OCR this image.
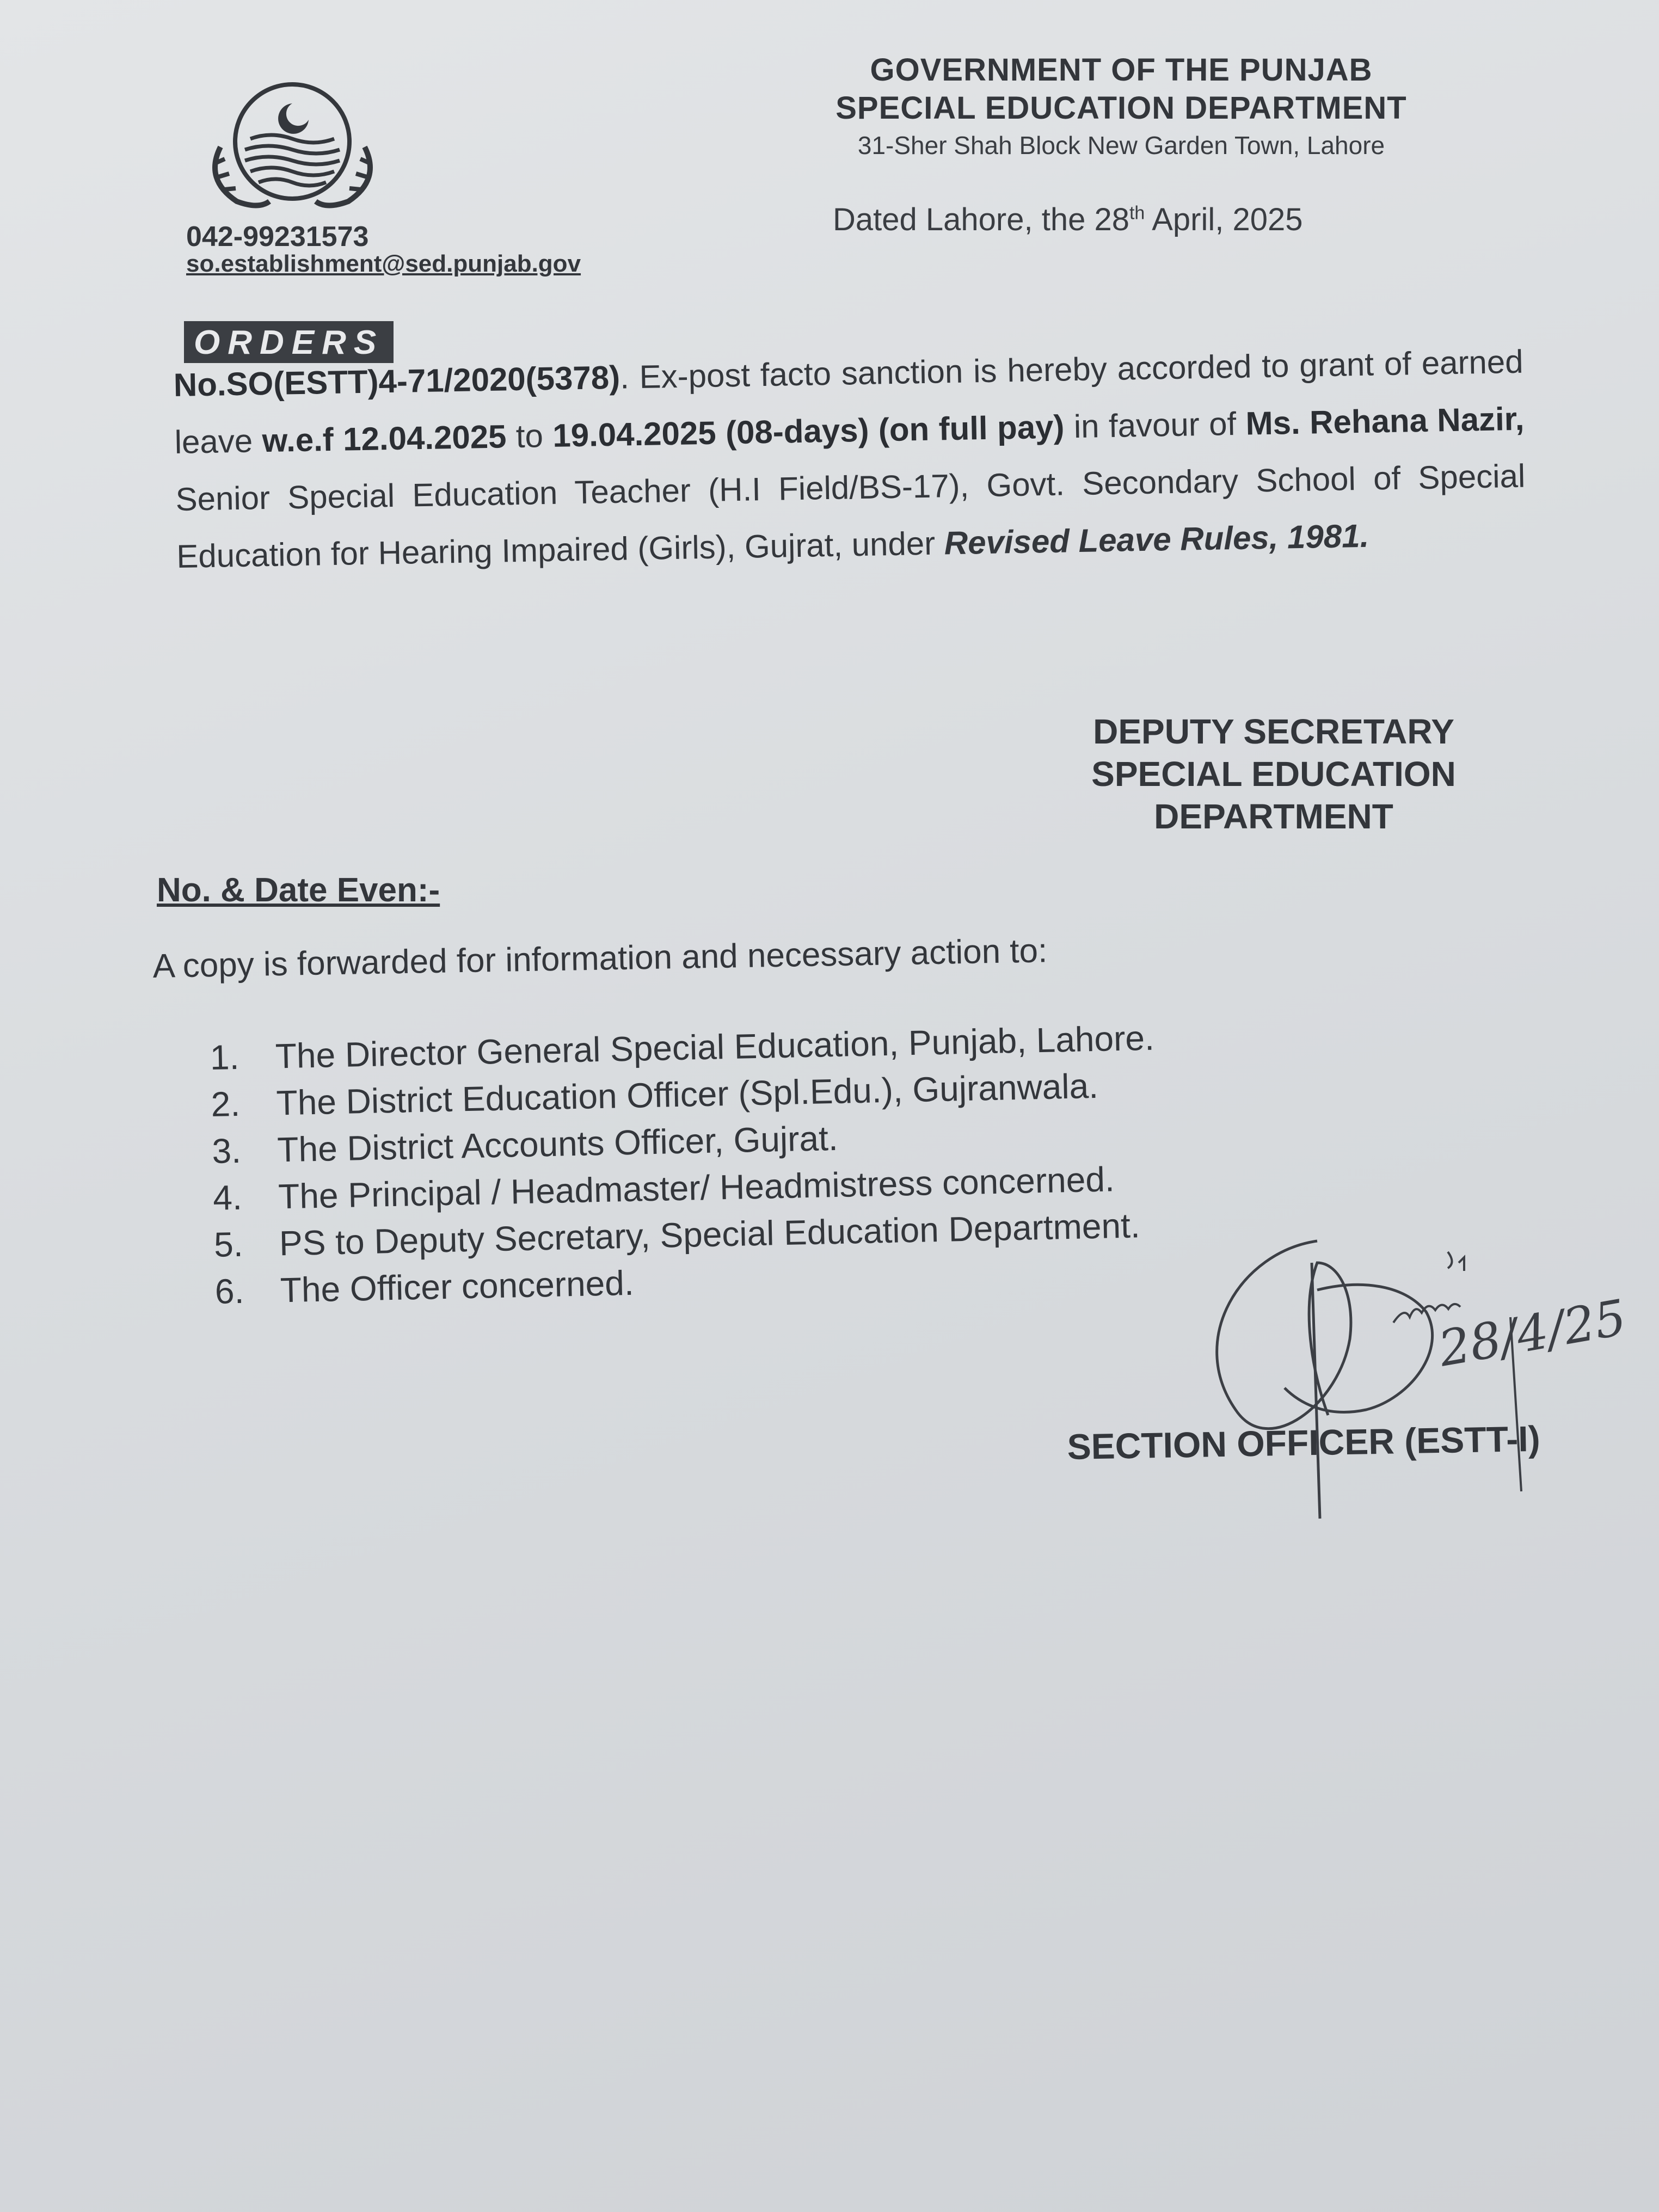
GOVERNMENT OF THE PUNJAB
SPECIAL EDUCATION DEPARTMENT
31-Sher Shah Block New Garden Town, Lahore
Dated Lahore, the 28th April, 2025
042-99231573
so.establishment@sed.punjab.gov
ORDERS
No.SO(ESTT)4-71/2020(5378). Ex-post facto sanction is hereby accorded to grant of earned leave w.e.f 12.04.2025 to 19.04.2025 (08-days) (on full pay) in favour of Ms. Rehana Nazir, Senior Special Education Teacher (H.I Field/BS-17), Govt. Secondary School of Special Education for Hearing Impaired (Girls), Gujrat, under Revised Leave Rules, 1981.
DEPUTY SECRETARY
SPECIAL EDUCATION
DEPARTMENT
No. & Date Even:-
A copy is forwarded for information and necessary action to:
1.	The Director General Special Education, Punjab, Lahore.
2.	The District Education Officer (Spl.Edu.), Gujranwala.
3.	The District Accounts Officer, Gujrat.
4.	The Principal / Headmaster/ Headmistress concerned.
5.	PS to Deputy Secretary, Special Education Department.
6.	The Officer concerned.
28/4/25
SECTION OFFICER (ESTT-I)
